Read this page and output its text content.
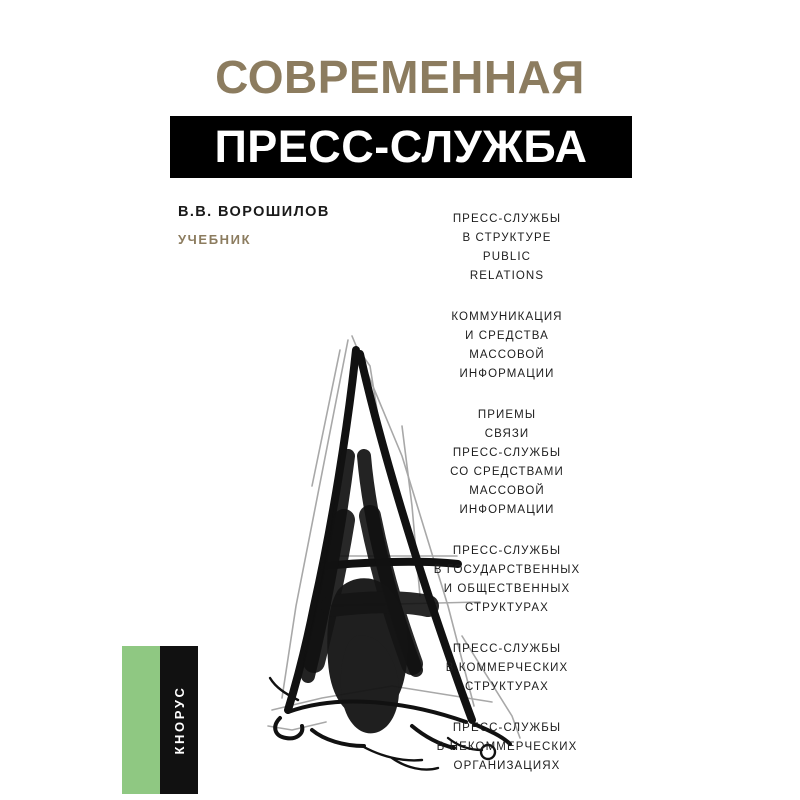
СОВРЕМЕННАЯ
ПРЕСС-СЛУЖБА
В.В. ВОРОШИЛОВ
УЧЕБНИК
ПРЕСС-СЛУЖБЫ
В СТРУКТУРЕ
PUBLIC
RELATIONS
КОММУНИКАЦИЯ
И СРЕДСТВА
МАССОВОЙ
ИНФОРМАЦИИ
ПРИЕМЫ
СВЯЗИ
ПРЕСС-СЛУЖБЫ
СО СРЕДСТВАМИ
МАССОВОЙ
ИНФОРМАЦИИ
ПРЕСС-СЛУЖБЫ
В ГОСУДАРСТВЕННЫХ
И ОБЩЕСТВЕННЫХ
СТРУКТУРАХ
ПРЕСС-СЛУЖБЫ
В КОММЕРЧЕСКИХ
СТРУКТУРАХ
ПРЕСС-СЛУЖБЫ
В НЕКОММЕРЧЕСКИХ
ОРГАНИЗАЦИЯХ
КНОРУС
